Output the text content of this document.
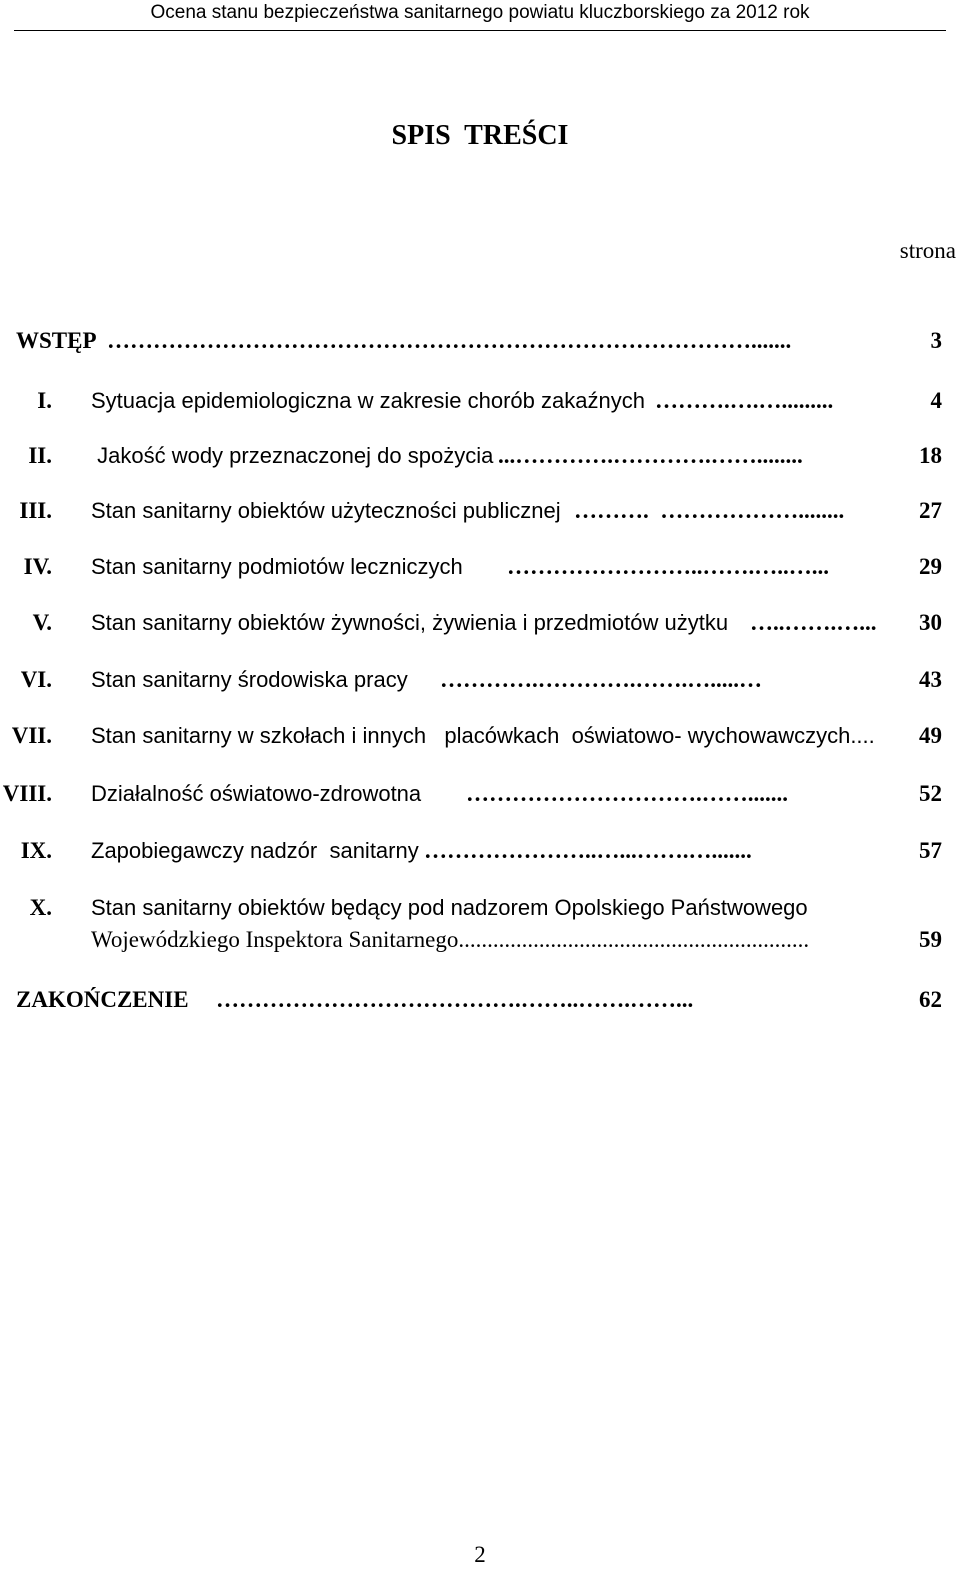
Ocena stanu bezpieczeństwa sanitarnego powiatu kluczborskiego za 2012 rok
SPIS  TREŚCI
strona
WSTĘP ………………………………………………………………………….......	3
I. Sytuacja epidemiologiczna w zakresie chorób zakaźnych ……….….….........	4
II. Jakość wody przeznaczonej do spożycia ...………….………….……........	18
III. Stan sanitarny obiektów użyteczności publicznej ……….  ………………........	27
IV. Stan sanitarny podmiotów leczniczych ……………………..…….…..…...	29
V. Stan sanitarny obiektów żywności, żywienia i przedmiotów użytku …..…….…... 30
VI. Stan sanitarny środowiska pracy ………….………….…….….....…	43
VII. Stan sanitarny w szkołach i innych   placówkach  oświatowo- wychowawczych.... 49
VIII. Działalność oświatowo-zdrowotna ………………………….…….......	52
IX. Zapobiegawczy nadzór  sanitarny …………………..…...…….….......	57
X. Stan sanitarny obiektów będący pod nadzorem Opolskiego Państwowego
Wojewódzkiego Inspektora Sanitarnego.............................................................	59
ZAKOŃCZENIE ………………………………….……..…….……...	62
2
